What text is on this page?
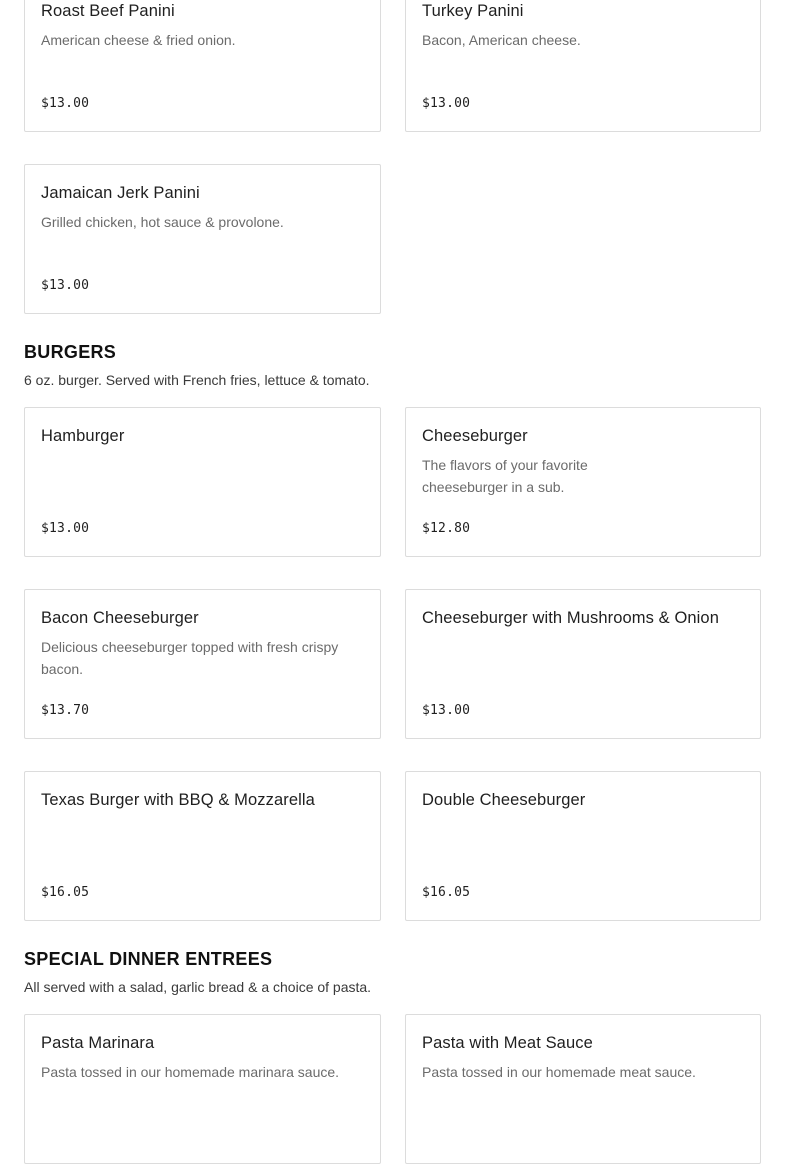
Roast Beef Panini
American cheese & fried onion.
$13.00
Turkey Panini
Bacon, American cheese.
$13.00
Jamaican Jerk Panini
Grilled chicken, hot sauce & provolone.
$13.00
BURGERS
6 oz. burger. Served with French fries, lettuce & tomato.
Hamburger
$13.00
Cheeseburger
The flavors of your favorite cheeseburger in a sub.
$12.80
Bacon Cheeseburger
Delicious cheeseburger topped with fresh crispy bacon.
$13.70
Cheeseburger with Mushrooms & Onion
$13.00
Texas Burger with BBQ & Mozzarella
$16.05
Double Cheeseburger
$16.05
SPECIAL DINNER ENTREES
All served with a salad, garlic bread & a choice of pasta.
Pasta Marinara
Pasta tossed in our homemade marinara sauce.
Pasta with Meat Sauce
Pasta tossed in our homemade meat sauce.
